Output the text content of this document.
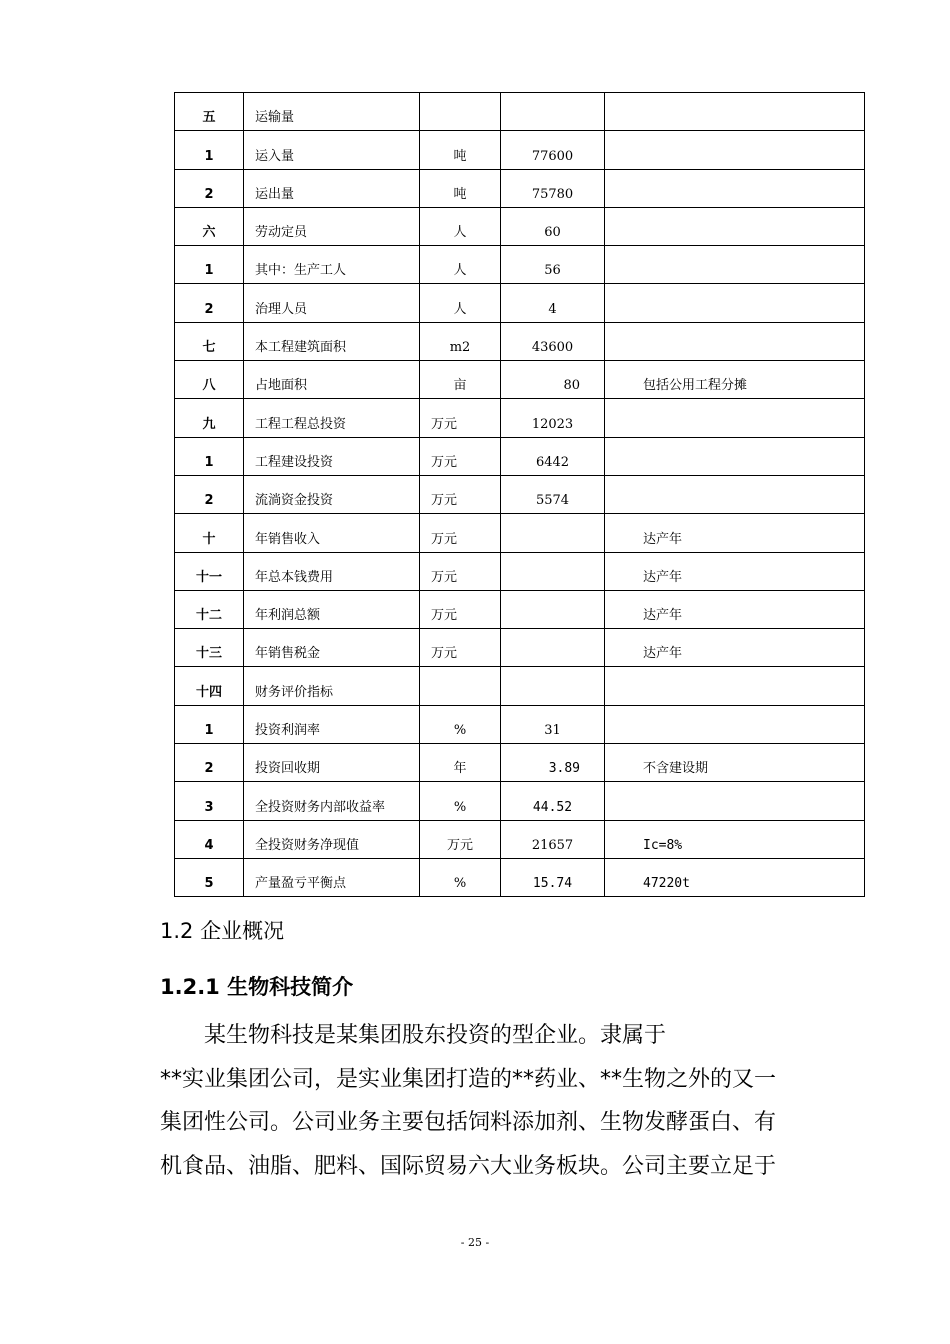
五	运输量			

1	运入量	吨	77600	

2	运出量	吨	75780	

六	劳动定员	人	60	

1	其中：生产工人	人	56	

2	治理人员	人	4	

七	本工程建筑面积	m2	43600	

八	占地面积	亩	80	包括公用工程分摊

九	工程工程总投资	万元	12023	

1	工程建设投资	万元	6442	

2	流淌资金投资	万元	5574	

十	年销售收入	万元		达产年

十一	年总本钱费用	万元		达产年

十二	年利润总额	万元		达产年

十三	年销售税金	万元		达产年

十四	财务评价指标			

1	投资利润率	%	31	

2	投资回收期	年	3.89	不含建设期

3	全投资财务内部收益率	%	44.52	

4	全投资财务净现值	万元	21657	Ic=8%

5	产量盈亏平衡点	%	15.74	47220t
1.2 企业概况
1.2.1 生物科技简介

某生物科技是某集团股东投资的型企业。隶属于

**实业集团公司，是实业集团打造的**药业、**生物之外的又一

集团性公司。公司业务主要包括饲料添加剂、生物发酵蛋白、有

机食品、油脂、肥料、国际贸易六大业务板块。公司主要立足于

- 25 -
